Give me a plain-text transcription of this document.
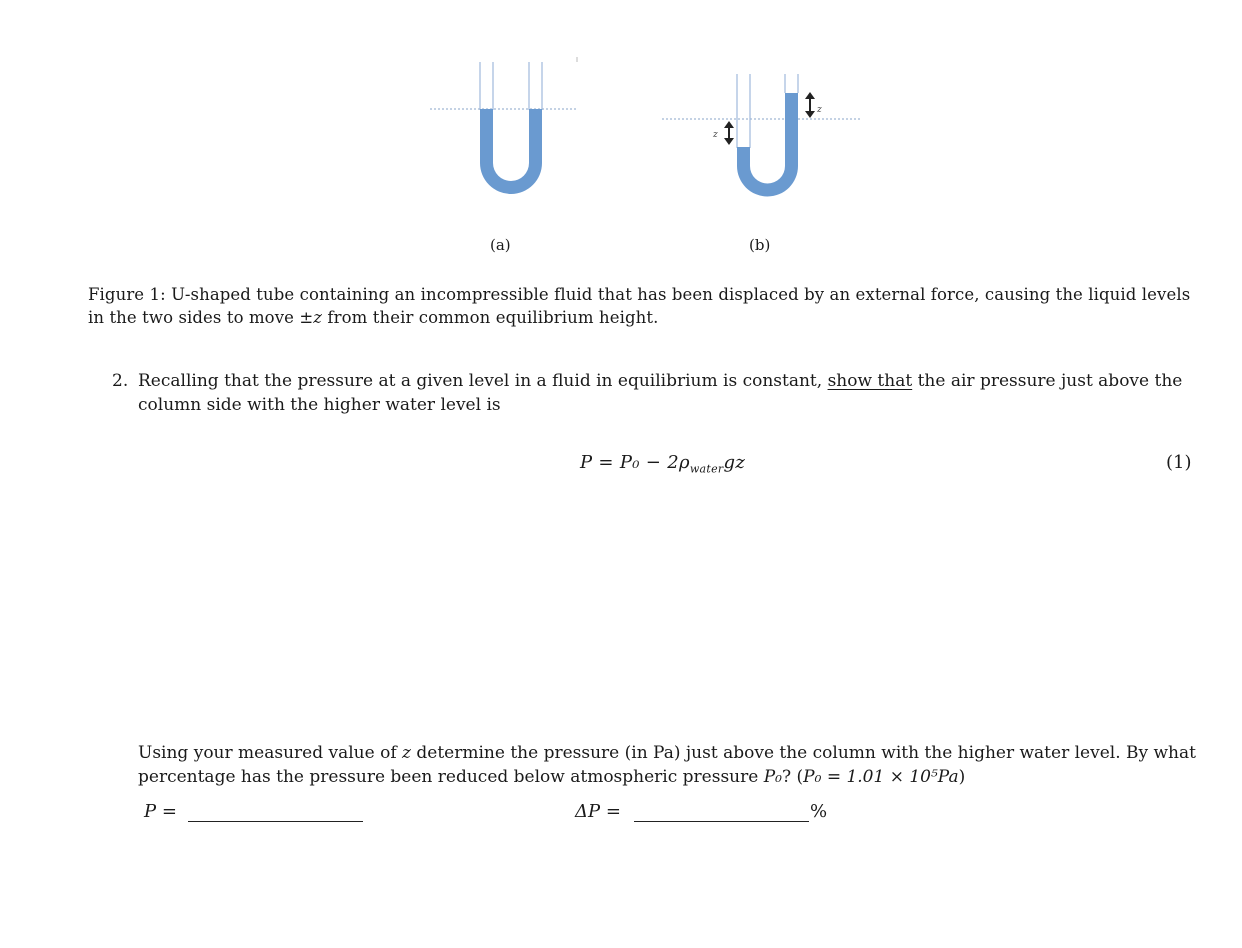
z
z
(a)	(b)
Figure 1: U-shaped tube containing an incompressible fluid that has been displaced by an external force, causing the liquid levels in the two sides to move ±z from their common equilibrium height.
2. Recalling that the pressure at a given level in a fluid in equilibrium is constant, show that the air pressure just above the column side with the higher water level is
$P = P_0 - 2\rho_{water}gz$	(1)
Using your measured value of z determine the pressure (in Pa) just above the column with the higher water level. By what percentage has the pressure been reduced below atmospheric pressure P₀? (P₀ = 1.01 × 10⁵Pa)
P =	ΔP =	%
